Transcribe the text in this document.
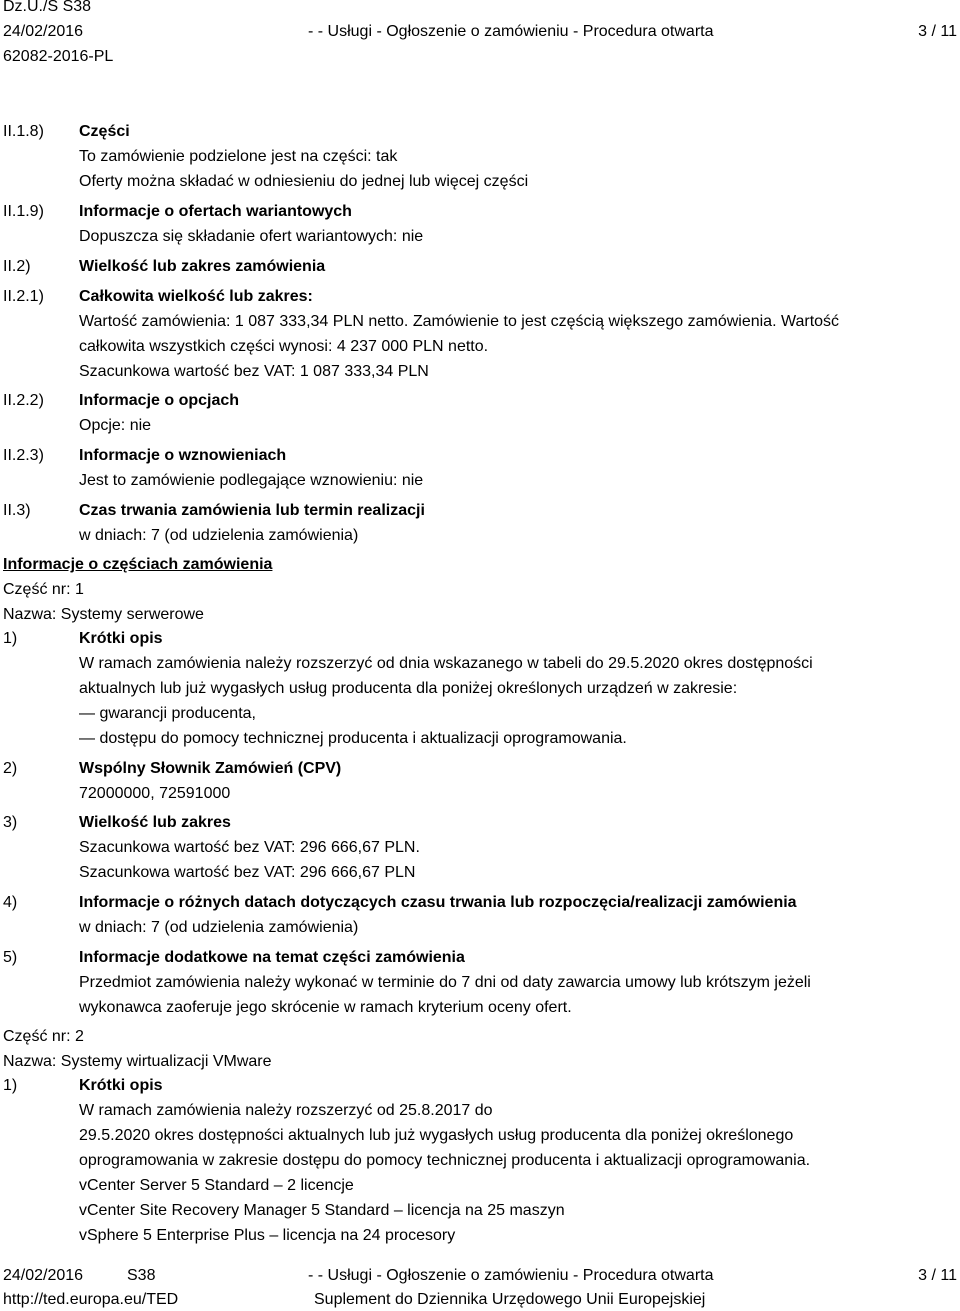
Dz.U./S S38
24/02/2016	- - Usługi - Ogłoszenie o zamówieniu - Procedura otwarta	3 / 11
62082-2016-PL
II.1.8) Części
To zamówienie podzielone jest na części: tak
Oferty można składać w odniesieniu do jednej lub więcej części
II.1.9) Informacje o ofertach wariantowych
Dopuszcza się składanie ofert wariantowych: nie
II.2)	Wielkość lub zakres zamówienia
II.2.1) Całkowita wielkość lub zakres:
Wartość zamówienia: 1 087 333,34 PLN netto. Zamówienie to jest częścią większego zamówienia. Wartość
całkowita wszystkich części wynosi: 4 237 000 PLN netto.
Szacunkowa wartość bez VAT: 1 087 333,34 PLN
II.2.2) Informacje o opcjach
Opcje: nie
II.2.3) Informacje o wznowieniach
Jest to zamówienie podlegające wznowieniu: nie
II.3)	Czas trwania zamówienia lub termin realizacji
w dniach: 7 (od udzielenia zamówienia)
Informacje o częściach zamówienia
Część nr: 1
Nazwa: Systemy serwerowe
1)	Krótki opis
W ramach zamówienia należy rozszerzyć od dnia wskazanego w tabeli do 29.5.2020 okres dostępności
aktualnych lub już wygasłych usług producenta dla poniżej określonych urządzeń w zakresie:
— gwarancji producenta,
— dostępu do pomocy technicznej producenta i aktualizacji oprogramowania.
2)	Wspólny Słownik Zamówień (CPV)
72000000, 72591000
3)	Wielkość lub zakres
Szacunkowa wartość bez VAT: 296 666,67 PLN.
Szacunkowa wartość bez VAT: 296 666,67 PLN
4)	Informacje o różnych datach dotyczących czasu trwania lub rozpoczęcia/realizacji zamówienia
w dniach: 7 (od udzielenia zamówienia)
5)	Informacje dodatkowe na temat części zamówienia
Przedmiot zamówienia należy wykonać w terminie do 7 dni od daty zawarcia umowy lub krótszym jeżeli
wykonawca zaoferuje jego skrócenie w ramach kryterium oceny ofert.
Część nr: 2
Nazwa: Systemy wirtualizacji VMware
1)	Krótki opis
W ramach zamówienia należy rozszerzyć od 25.8.2017 do
29.5.2020 okres dostępności aktualnych lub już wygasłych usług producenta dla poniżej określonego
oprogramowania w zakresie dostępu do pomocy technicznej producenta i aktualizacji oprogramowania.
vCenter Server 5 Standard – 2 licencje
vCenter Site Recovery Manager 5 Standard – licencja na 25 maszyn
vSphere 5 Enterprise Plus – licencja na 24 procesory
24/02/2016	S38	- - Usługi - Ogłoszenie o zamówieniu - Procedura otwarta	3 / 11
http://ted.europa.eu/TED	Suplement do Dziennika Urzędowego Unii Europejskiej
